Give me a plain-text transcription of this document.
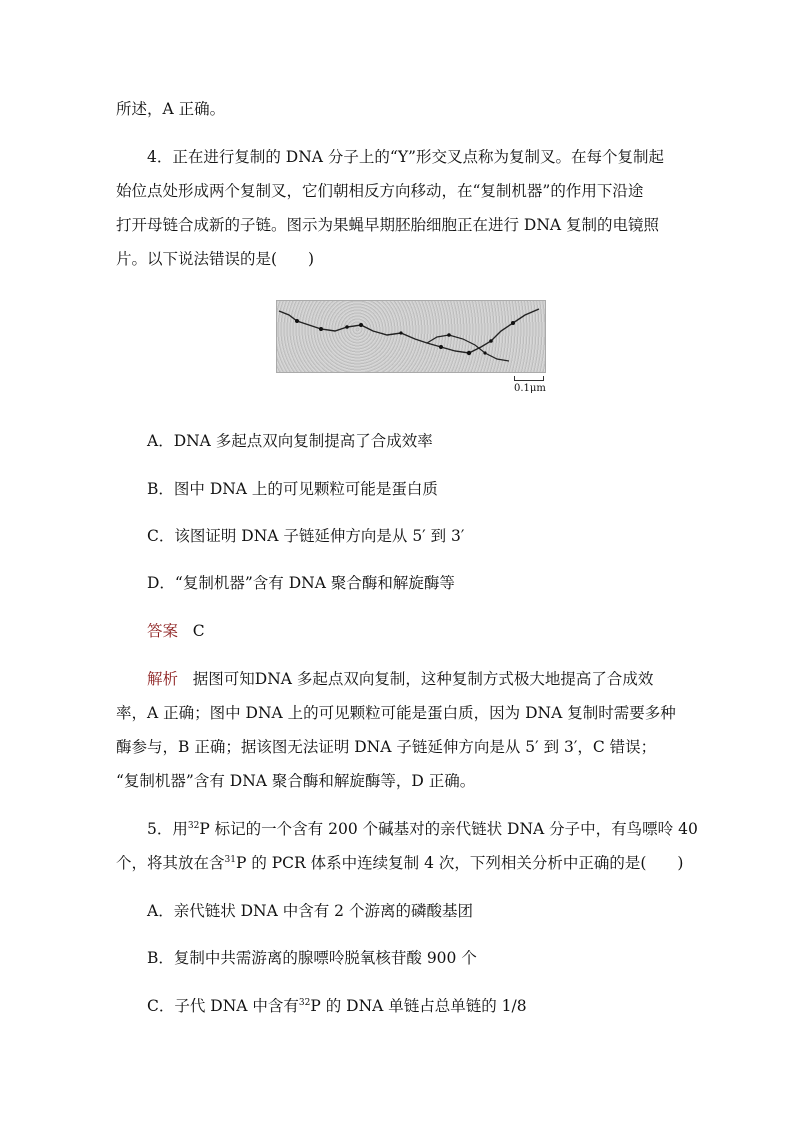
所述，A 正确。
4．正在进行复制的 DNA 分子上的“Y”形交叉点称为复制叉。在每个复制起
始位点处形成两个复制叉，它们朝相反方向移动，在“复制机器”的作用下沿途
打开母链合成新的子链。图示为果蝇早期胚胎细胞正在进行 DNA 复制的电镜照
片。以下说法错误的是(　　)
0.1μm
A．DNA 多起点双向复制提高了合成效率
B．图中 DNA 上的可见颗粒可能是蛋白质
C．该图证明 DNA 子链延伸方向是从 5′ 到 3′
D．“复制机器”含有 DNA 聚合酶和解旋酶等
答案 C
解析 据图可知DNA 多起点双向复制，这种复制方式极大地提高了合成效
率，A 正确；图中 DNA 上的可见颗粒可能是蛋白质，因为 DNA 复制时需要多种
酶参与，B 正确；据该图无法证明 DNA 子链延伸方向是从 5′ 到 3′，C 错误；
“复制机器”含有 DNA 聚合酶和解旋酶等，D 正确。
5．用$^{32}$P 标记的一个含有 200 个碱基对的亲代链状 DNA 分子中，有鸟嘌呤 40
个，将其放在含$^{31}$P 的 PCR 体系中连续复制 4 次，下列相关分析中正确的是(　　)
A．亲代链状 DNA 中含有 2 个游离的磷酸基团
B．复制中共需游离的腺嘌呤脱氧核苷酸 900 个
C．子代 DNA 中含有$^{32}$P 的 DNA 单链占总单链的 1/8
